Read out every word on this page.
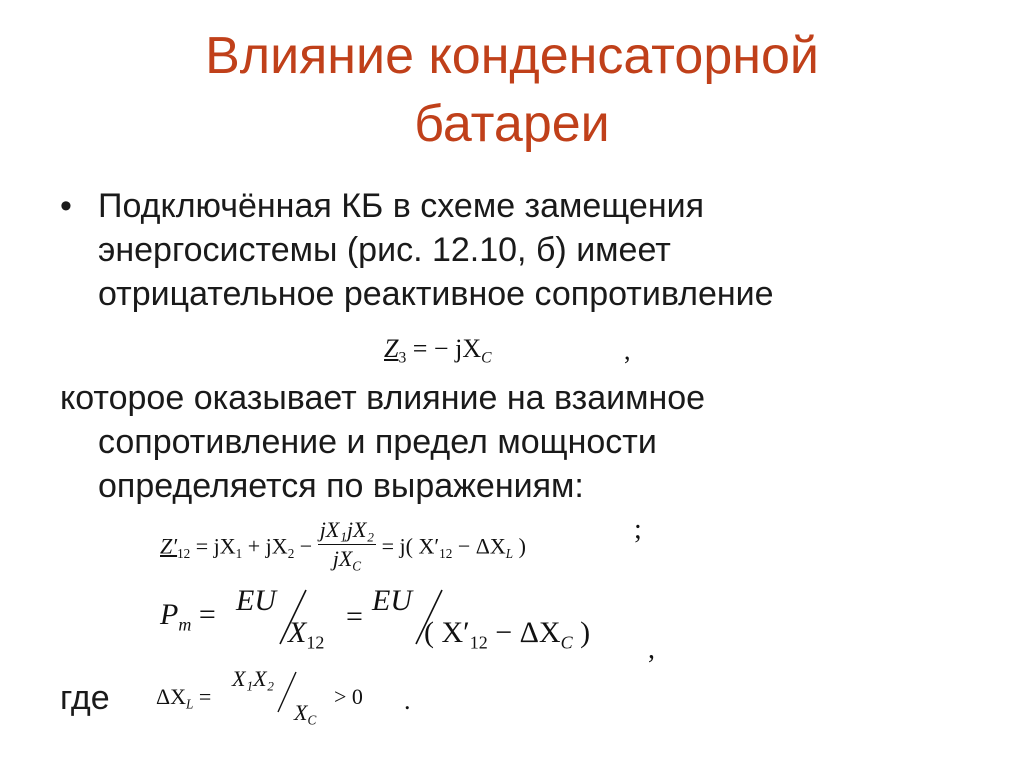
Влияние конденсаторной
батареи
• Подключённая КБ в схеме замещения
энергосистемы (рис. 12.10, б) имеет
отрицательное реактивное сопротивление
$Z_3$ = − $jX_C$	,
которое оказывает влияние на взаимное
сопротивление и предел мощности
определяется по выражениям:
$Z'_{12} = jX_1 + jX_2 - \frac{\text{jX₁jX₂}}{jX_C} = j$( $X'_{12} - \Delta X_L$ )
;
$P_m$ = EU
$X_{12}$
= EU
( $X'_{12} - \Delta X_C$ )
,
где $\Delta X_L$ =
X₁X₂
$X_C$
> 0 .
